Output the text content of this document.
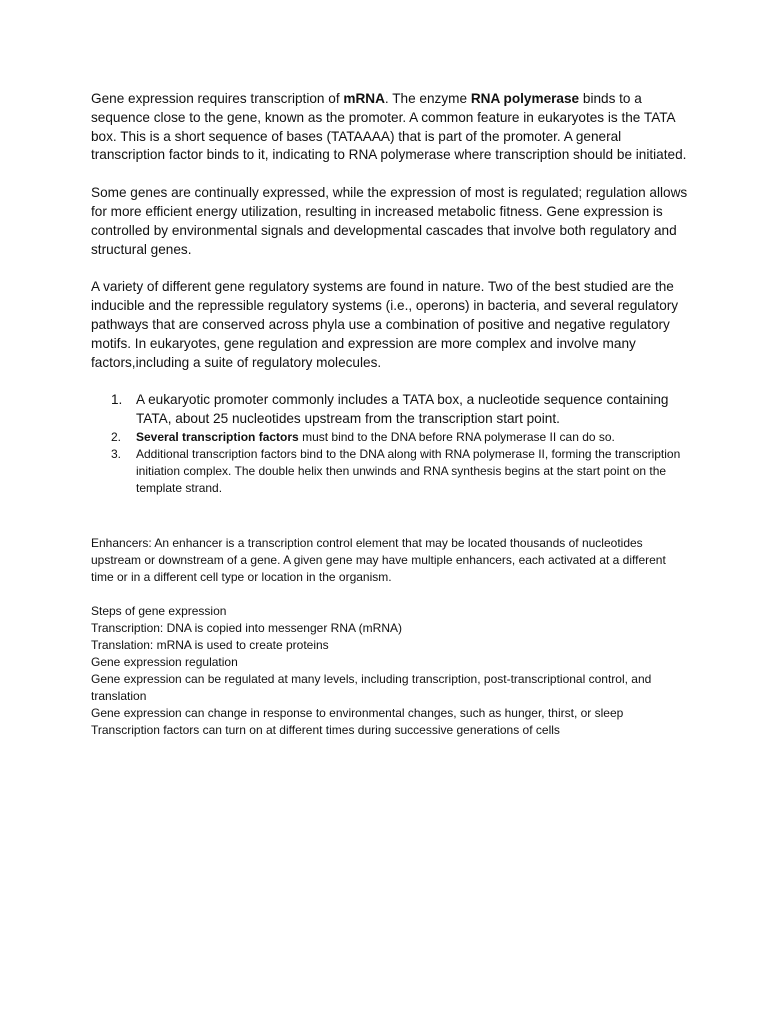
Gene expression requires transcription of mRNA. The enzyme RNA polymerase binds to a sequence close to the gene, known as the promoter. A common feature in eukaryotes is the TATA box. This is a short sequence of bases (TATAAAA) that is part of the promoter. A general transcription factor binds to it, indicating to RNA polymerase where transcription should be initiated.

Some genes are continually expressed, while the expression of most is regulated; regulation allows for more efficient energy utilization, resulting in increased metabolic fitness. Gene expression is controlled by environmental signals and developmental cascades that involve both regulatory and structural genes.

A variety of different gene regulatory systems are found in nature. Two of the best studied are the inducible and the repressible regulatory systems (i.e., operons) in bacteria, and several regulatory pathways that are conserved across phyla use a combination of positive and negative regulatory motifs. In eukaryotes, gene regulation and expression are more complex and involve many factors,including a suite of regulatory molecules.

1. A eukaryotic promoter commonly includes a TATA box, a nucleotide sequence containing TATA, about 25 nucleotides upstream from the transcription start point.
2. Several transcription factors must bind to the DNA before RNA polymerase II can do so.
3. Additional transcription factors bind to the DNA along with RNA polymerase II, forming the transcription initiation complex. The double helix then unwinds and RNA synthesis begins at the start point on the template strand.

Enhancers: An enhancer is a transcription control element that may be located thousands of nucleotides upstream or downstream of a gene. A given gene may have multiple enhancers, each activated at a different time or in a different cell type or location in the organism.

Steps of gene expression
Transcription: DNA is copied into messenger RNA (mRNA)
Translation: mRNA is used to create proteins
Gene expression regulation
Gene expression can be regulated at many levels, including transcription, post-transcriptional control, and translation
Gene expression can change in response to environmental changes, such as hunger, thirst, or sleep
Transcription factors can turn on at different times during successive generations of cells
